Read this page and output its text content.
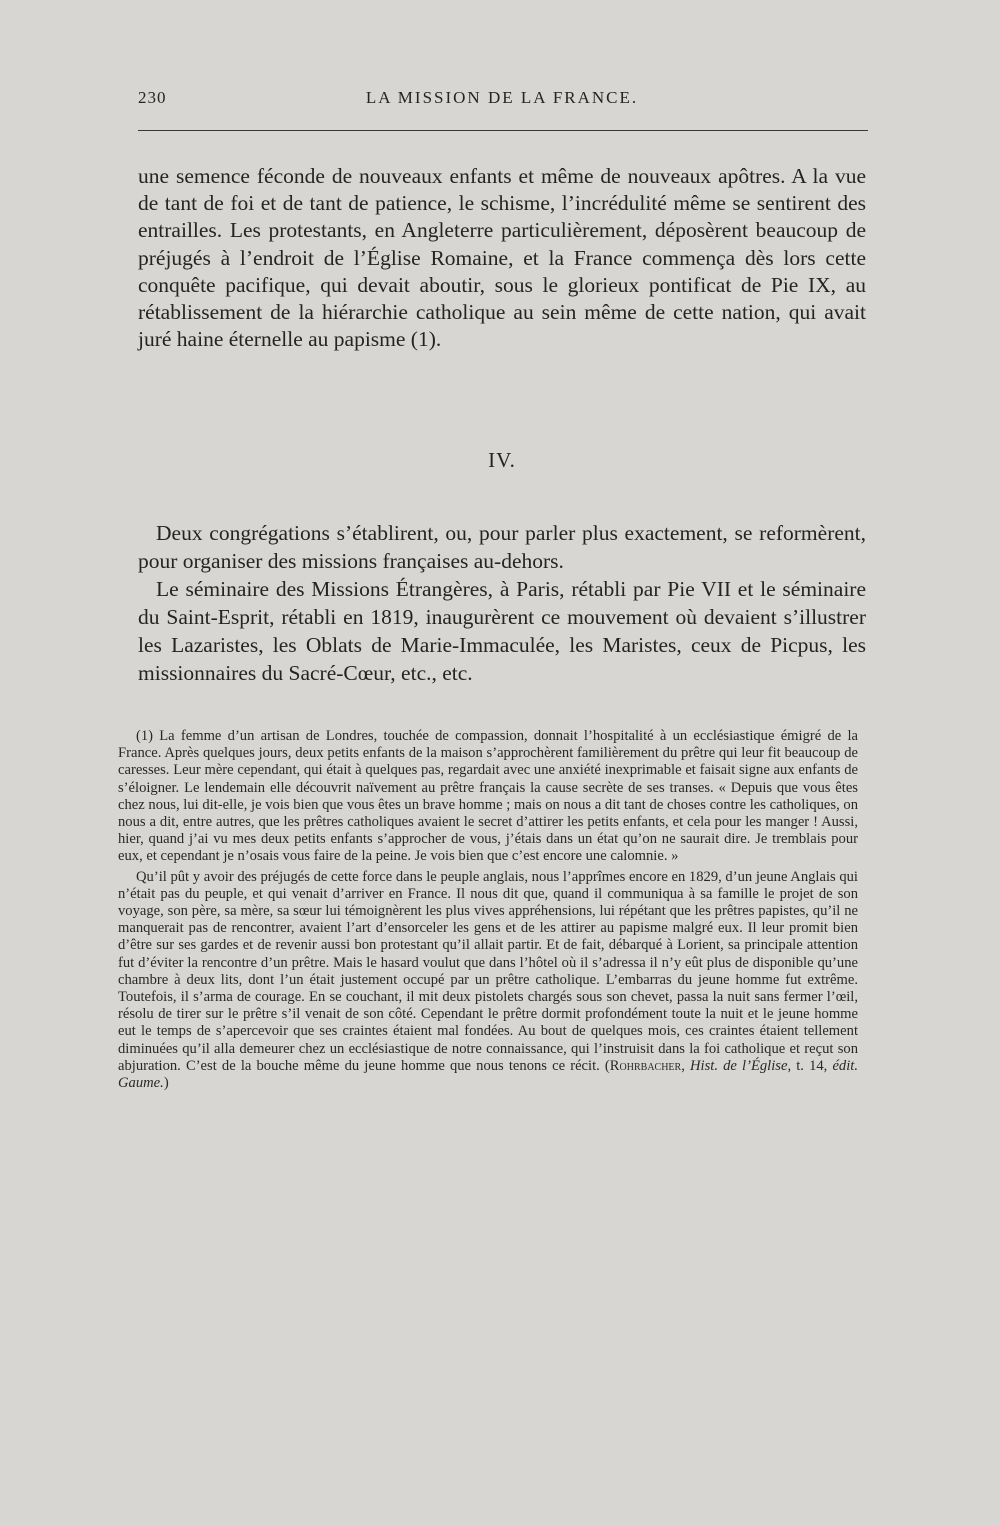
230	LA MISSION DE LA FRANCE.

une semence féconde de nouveaux enfants et même de nouveaux apôtres. A la vue de tant de foi et de tant de patience, le schisme, l’incrédulité même se sentirent des entrailles. Les protestants, en Angleterre particulièrement, déposèrent beaucoup de préjugés à l’endroit de l’Église Romaine, et la France commença dès lors cette conquête pacifique, qui devait aboutir, sous le glorieux pontificat de Pie IX, au rétablissement de la hiérarchie catholique au sein même de cette nation, qui avait juré haine éternelle au papisme (1).

IV.

Deux congrégations s’établirent, ou, pour parler plus exactement, se reformèrent, pour organiser des missions françaises au-dehors.

Le séminaire des Missions Étrangères, à Paris, rétabli par Pie VII et le séminaire du Saint-Esprit, rétabli en 1819, inaugurèrent ce mouvement où devaient s’illustrer les Lazaristes, les Oblats de Marie-Immaculée, les Maristes, ceux de Picpus, les missionnaires du Sacré-Cœur, etc., etc.

(1) La femme d’un artisan de Londres, touchée de compassion, donnait l’hospitalité à un ecclésiastique émigré de la France. Après quelques jours, deux petits enfants de la maison s’approchèrent familièrement du prêtre qui leur fit beaucoup de caresses. Leur mère cependant, qui était à quelques pas, regardait avec une anxiété inexprimable et faisait signe aux enfants de s’éloigner. Le lendemain elle découvrit naïvement au prêtre français la cause secrète de ses transes. « Depuis que vous êtes chez nous, lui dit-elle, je vois bien que vous êtes un brave homme ; mais on nous a dit tant de choses contre les catholiques, on nous a dit, entre autres, que les prêtres catholiques avaient le secret d’attirer les petits enfants, et cela pour les manger ! Aussi, hier, quand j’ai vu mes deux petits enfants s’approcher de vous, j’étais dans un état qu’on ne saurait dire. Je tremblais pour eux, et cependant je n’osais vous faire de la peine. Je vois bien que c’est encore une calomnie. »

Qu’il pût y avoir des préjugés de cette force dans le peuple anglais, nous l’apprîmes encore en 1829, d’un jeune Anglais qui n’était pas du peuple, et qui venait d’arriver en France. Il nous dit que, quand il communiqua à sa famille le projet de son voyage, son père, sa mère, sa sœur lui témoignèrent les plus vives appréhensions, lui répétant que les prêtres papistes, qu’il ne manquerait pas de rencontrer, avaient l’art d’ensorceler les gens et de les attirer au papisme malgré eux. Il leur promit bien d’être sur ses gardes et de revenir aussi bon protestant qu’il allait partir. Et de fait, débarqué à Lorient, sa principale attention fut d’éviter la rencontre d’un prêtre. Mais le hasard voulut que dans l’hôtel où il s’adressa il n’y eût plus de disponible qu’une chambre à deux lits, dont l’un était justement occupé par un prêtre catholique. L’embarras du jeune homme fut extrême. Toutefois, il s’arma de courage. En se couchant, il mit deux pistolets chargés sous son chevet, passa la nuit sans fermer l’œil, résolu de tirer sur le prêtre s’il venait de son côté. Cependant le prêtre dormit profondément toute la nuit et le jeune homme eut le temps de s’apercevoir que ses craintes étaient mal fondées. Au bout de quelques mois, ces craintes étaient tellement diminuées qu’il alla demeurer chez un ecclésiastique de notre connaissance, qui l’instruisit dans la foi catholique et reçut son abjuration. C’est de la bouche même du jeune homme que nous tenons ce récit. (Rohrbacher, Hist. de l’Église, t. 14, édit. Gaume.)
